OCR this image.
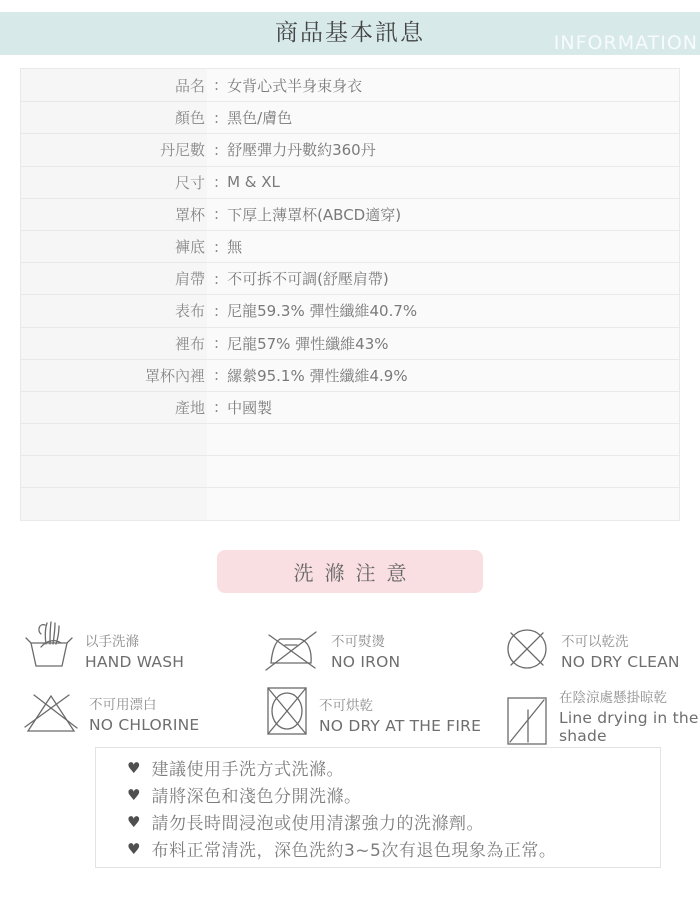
商品基本訊息	INFORMATION
品名 : 女背心式半身束身衣
顏色 : 黑色/膚色
丹尼數 : 舒壓彈力丹數約360丹
尺寸 : M & XL
罩杯 : 下厚上薄罩杯(ABCD適穿)
褲底 : 無
肩帶 : 不可拆不可調(舒壓肩帶)
表布 : 尼龍59.3% 彈性纖維40.7%
裡布 : 尼龍57% 彈性纖維43%
罩杯內裡 : 縲縈95.1% 彈性纖維4.9%
產地 : 中國製
洗滌注意
以手洗滌
HAND WASH
不可熨燙
NO IRON
不可以乾洗
NO DRY CLEAN
不可用漂白
NO CHLORINE
不可烘乾
NO DRY AT THE FIRE
在陰涼處懸掛晾乾
Line drying in the shade
♥ 建議使用手洗方式洗滌。
♥ 請將深色和淺色分開洗滌。
♥ 請勿長時間浸泡或使用清潔強力的洗滌劑。
♥ 布料正常清洗，深色洗約3~5次有退色現象為正常。
